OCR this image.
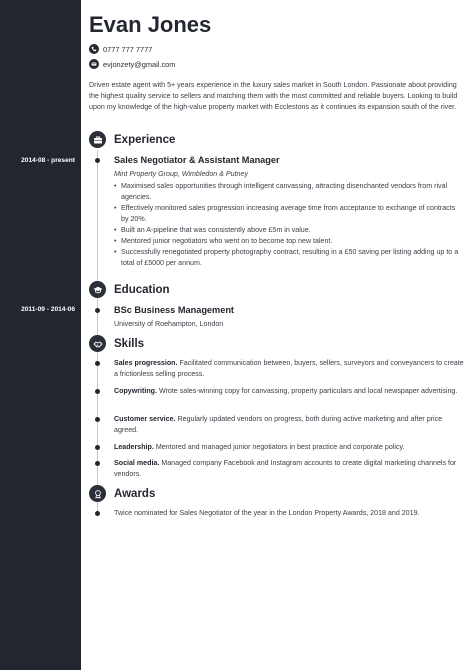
2014-08 - present
2011-09 - 2014-06
Evan Jones
0777 777 7777
evjonzety@gmail.com
Driven estate agent with 5+ years experience in the luxury sales market in South London. Passionate about providing the highest quality service to sellers and matching them with the most committed and reliable buyers. Looking to build upon my knowledge of the high-value property market with Ecclestons as it continues its expansion south of the river.
Experience
Sales Negotiator & Assistant Manager
Mint Property Group, Wimbledon & Putney
• Maximised sales opportunities through intelligent canvassing, attracting disenchanted vendors from rival agencies.
• Effectively monitored sales progression increasing average time from acceptance to exchange of contracts by 20%.
• Built an A-pipeline that was consistently above £5m in value.
• Mentored junior negotiators who went on to become top new talent.
• Successfully renegotiated property photography contract, resulting in a £50 saving per listing adding up to a total of £5000 per annum.
Education
BSc Business Management
University of Roehampton, London
Skills
Sales progression. Facilitated communication between, buyers, sellers, surveyors and conveyancers to create a frictionless selling process.
Copywriting. Wrote sales-winning copy for canvassing, property particulars and local newspaper advertising.
Customer service. Regularly updated vendors on progress, both during active marketing and after price agreed.
Leadership. Mentored and managed junior negotiators in best practice and corporate policy.
Social media. Managed company Facebook and Instagram accounts to create digital marketing channels for vendors.
Awards
Twice nominated for Sales Negotiator of the year in the London Property Awards, 2018 and 2019.
